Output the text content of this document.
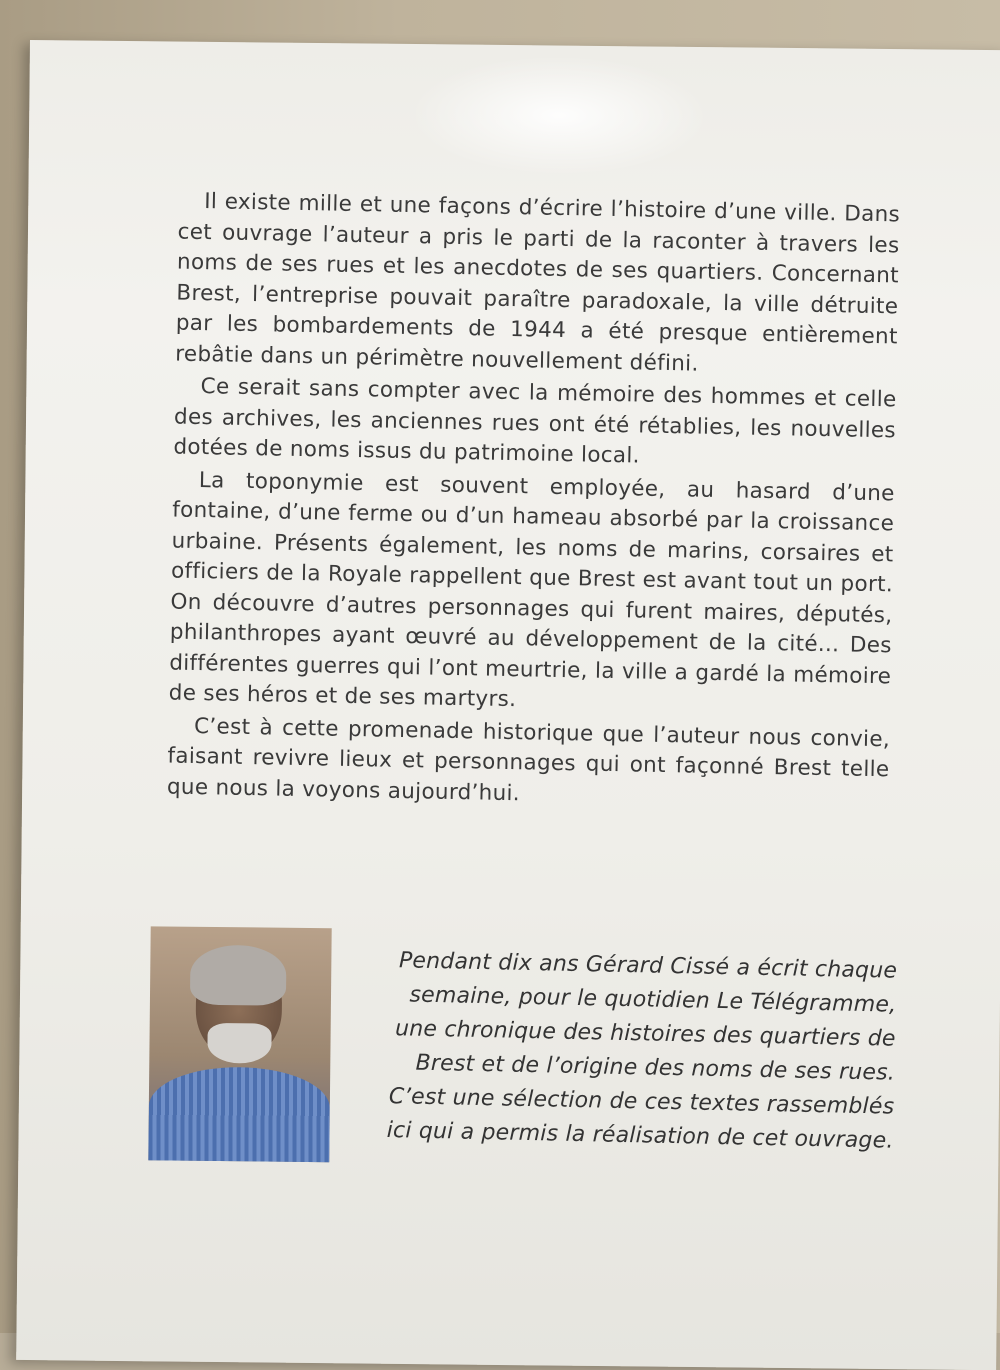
Il existe mille et une façons d’écrire l’histoire d’une ville. Dans cet ouvrage l’auteur a pris le parti de la raconter à travers les noms de ses rues et les anecdotes de ses quartiers. Concernant Brest, l’entreprise pouvait paraître paradoxale, la ville détruite par les bombardements de 1944 a été presque entièrement rebâtie dans un périmètre nouvellement défini.

Ce serait sans compter avec la mémoire des hommes et celle des archives, les anciennes rues ont été rétablies, les nouvelles dotées de noms issus du patrimoine local.

La toponymie est souvent employée, au hasard d’une fontaine, d’une ferme ou d’un hameau absorbé par la croissance urbaine. Présents également, les noms de marins, corsaires et officiers de la Royale rappellent que Brest est avant tout un port. On découvre d’autres personnages qui furent maires, députés, philanthropes ayant œuvré au développement de la cité... Des différentes guerres qui l’ont meurtrie, la ville a gardé la mémoire de ses héros et de ses martyrs.

C’est à cette promenade historique que l’auteur nous convie, faisant revivre lieux et personnages qui ont façonné Brest telle que nous la voyons aujourd’hui.

Pendant dix ans Gérard Cissé a écrit chaque semaine, pour le quotidien Le Télégramme, une chronique des histoires des quartiers de Brest et de l’origine des noms de ses rues. C’est une sélection de ces textes rassemblés ici qui a permis la réalisation de cet ouvrage.
